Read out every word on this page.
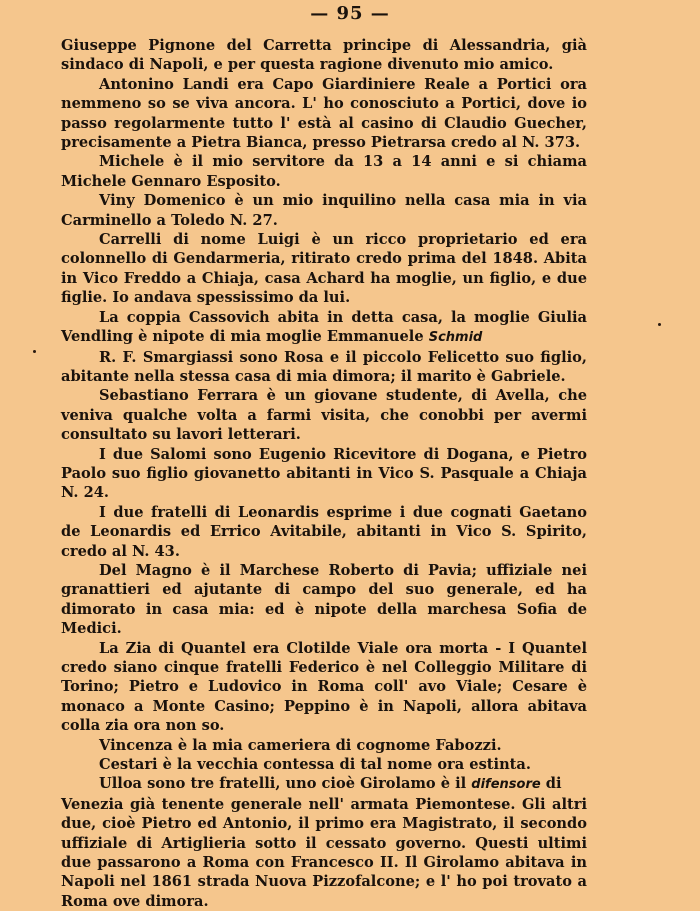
— 95 —

Giuseppe Pignone del Carretta principe di Alessandria, già sindaco di Napoli, e per questa ragione divenuto mio amico.

Antonino Landi era Capo Giardiniere Reale a Portici ora nemmeno so se viva ancora. L' ho conosciuto a Portici, dove io passo regolarmente tutto l' està al casino di Claudio Guecher, precisamente a Pietra Bianca, presso Pietrarsa credo al N. 373.

Michele è il mio servitore da 13 a 14 anni e si chiama Michele Gennaro Esposito.

Viny Domenico è un mio inquilino nella casa mia in via Carminello a Toledo N. 27.

Carrelli di nome Luigi è un ricco proprietario ed era colonnello di Gendarmeria, ritirato credo prima del 1848. Abita in Vico Freddo a Chiaja, casa Achard ha moglie, un figlio, e due figlie. Io andava spessissimo da lui.

La coppia Cassovich abita in detta casa, la moglie Giulia Vendling è nipote di mia moglie Emmanuele Schmid

R. F. Smargiassi sono Rosa e il piccolo Felicetto suo figlio, abitante nella stessa casa di mia dimora; il marito è Gabriele.

Sebastiano Ferrara è un giovane studente, di Avella, che veniva qualche volta a farmi visita, che conobbi per avermi consultato su lavori letterari.

I due Salomi sono Eugenio Ricevitore di Dogana, e Pietro Paolo suo figlio giovanetto abitanti in Vico S. Pasquale a Chiaja N. 24.

I due fratelli di Leonardis esprime i due cognati Gaetano de Leonardis ed Errico Avitabile, abitanti in Vico S. Spirito, credo al N. 43.

Del Magno è il Marchese Roberto di Pavia; uffiziale nei granattieri ed ajutante di campo del suo generale, ed ha dimorato in casa mia: ed è nipote della marchesa Sofia de Medici.

La Zia di Quantel era Clotilde Viale ora morta - I Quantel credo siano cinque fratelli Federico è nel Colleggio Militare di Torino; Pietro e Ludovico in Roma coll' avo Viale; Cesare è monaco a Monte Casino; Peppino è in Napoli, allora abitava colla zia ora non so.

Vincenza è la mia cameriera di cognome Fabozzi.

Cestari è la vecchia contessa di tal nome ora estinta.

Ulloa sono tre fratelli, uno cioè Girolamo è il difensore di

Venezia già tenente generale nell' armata Piemontese. Gli altri due, cioè Pietro ed Antonio, il primo era Magistrato, il secondo uffiziale di Artiglieria sotto il cessato governo. Questi ultimi due passarono a Roma con Francesco II. Il Girolamo abitava in Napoli nel 1861 strada Nuova Pizzofalcone; e l' ho poi trovato a Roma ove dimora.
